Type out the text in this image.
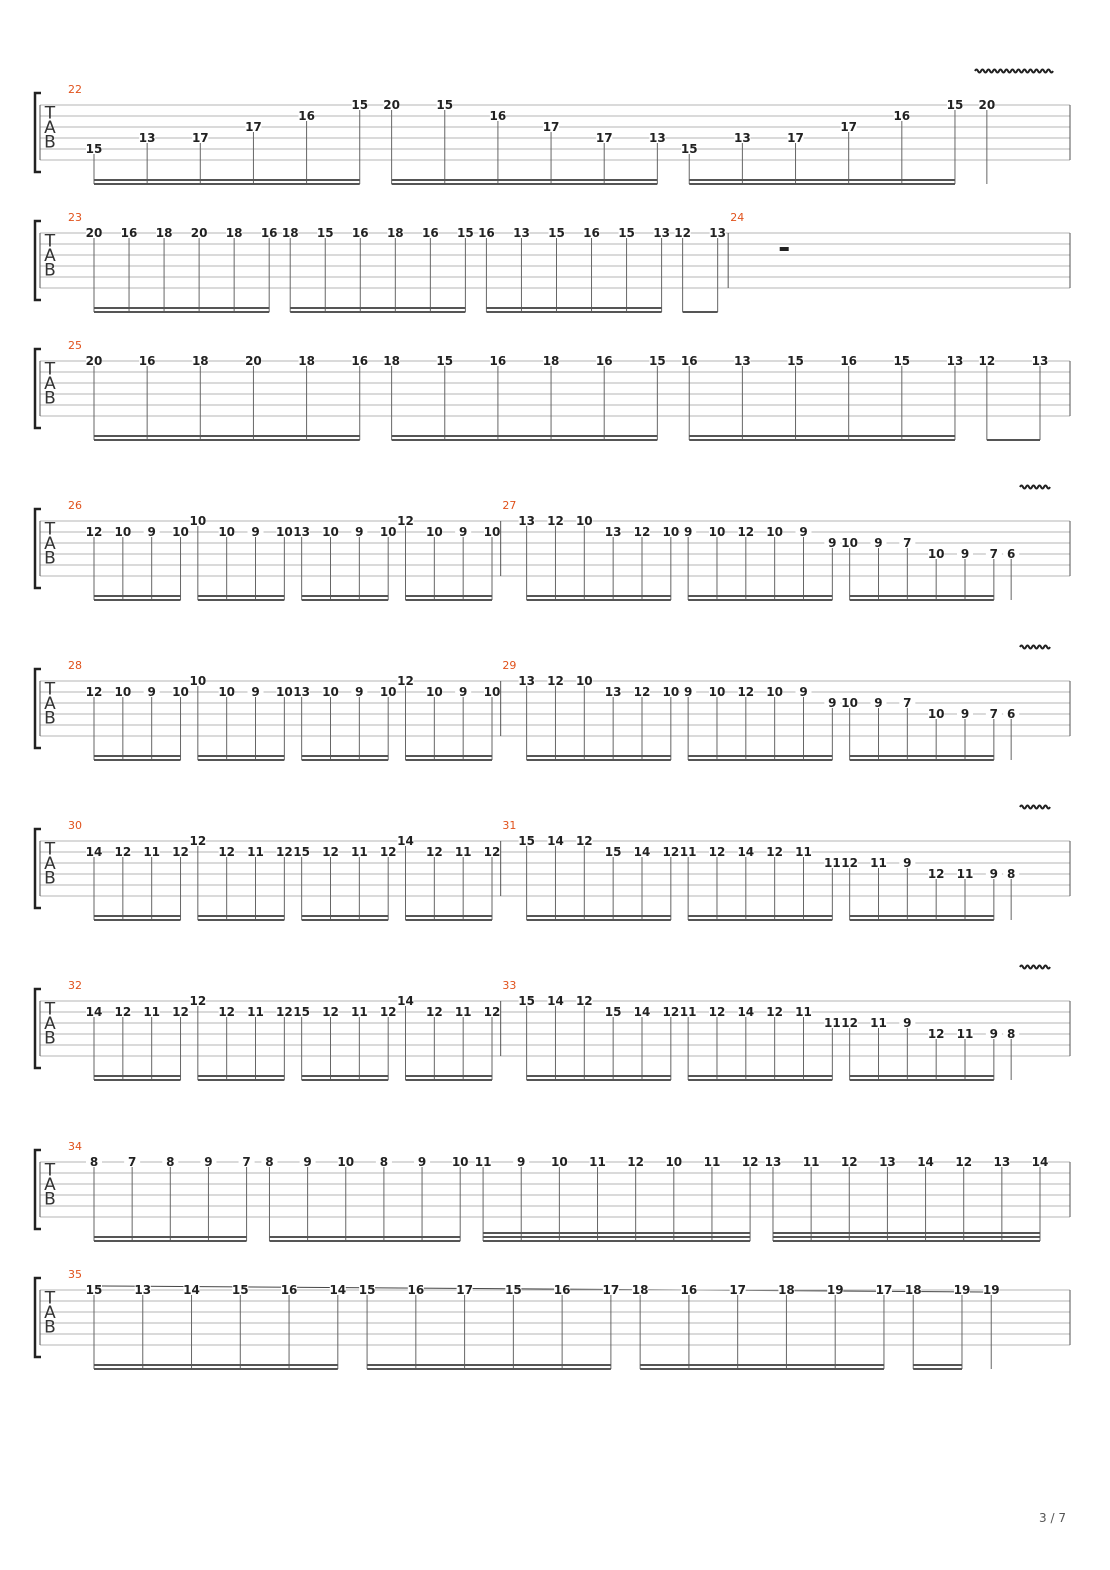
3 / 7
T
A
B
22
15
13	17
17
16
15 20	15
16
17
17	13
15
13	17
17
16
15 20
T
A
B
23
20 16 18 20 18 16 18 15 16 18 16 15 16 13 15 16 15 13 12 13
24
T
A
B
25
20	16	18	20	18	16 18	15	16	18	16	15 16	13	15	16	15	13 12	13
T
A
B
26
12 10 9 10
10
10 9 10 13 10 9 10
12
10 9 10
27
13 12 10
13 12 10 9 10 12 10 9
9 10 9 7
10 9 7 6
T
A
B
28
12 10 9 10
10
10 9 10 13 10 9 10
12
10 9 10
29
13 12 10
13 12 10 9 10 12 10 9
9 10 9 7
10 9 7 6
T
A
B
30
14 12 11 12
12
12 11 12 15 12 11 12
14
12 11 12
31
15 14 12
15 14 12 11 12 14 12 11
11 12 11 9
12 11 9 8
T
A
B
32
14 12 11 12
12
12 11 12 15 12 11 12
14
12 11 12
33
15 14 12
15 14 12 11 12 14 12 11
11 12 11 9
12 11 9 8
T
A
B
34
8 7 8 9 7 8 9 10 8 9 10 11 9 10 11 12 10 11 12 13 11 12 13 14 12 13 14
T
A
B
35
15	13	14	15	16	14 15	16	17	15	16	17 18	16	17	18	19	17 18	19 19
